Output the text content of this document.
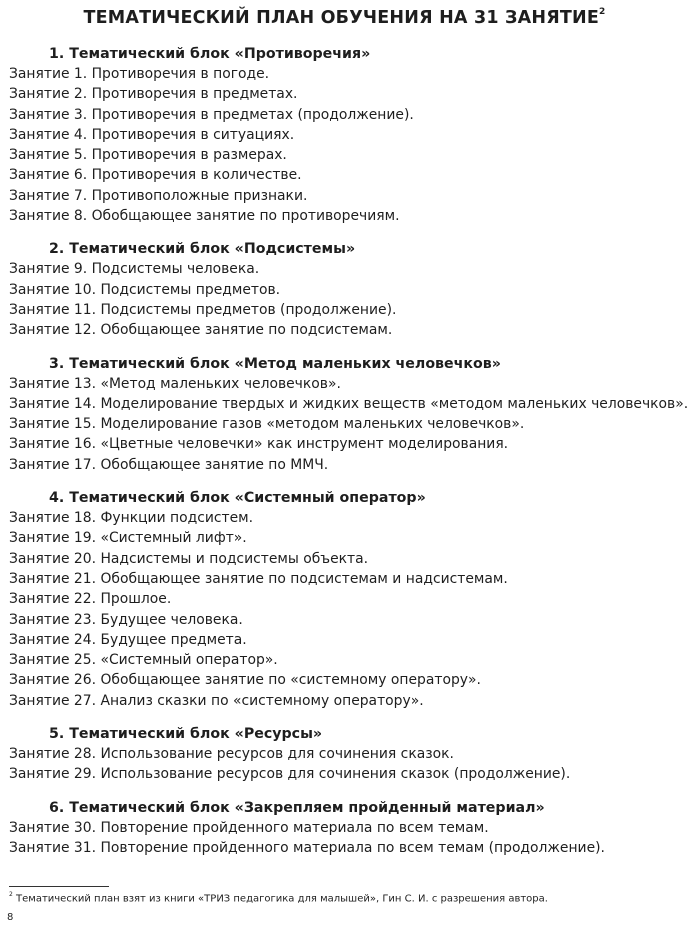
ТЕМАТИЧЕСКИЙ ПЛАН ОБУЧЕНИЯ НА 31 ЗАНЯТИЕ$^2$
1. Тематический блок «Противоречия»
Занятие 1. Противоречия в погоде.
Занятие 2. Противоречия в предметах.
Занятие 3. Противоречия в предметах (продолжение).
Занятие 4. Противоречия в ситуациях.
Занятие 5. Противоречия в размерах.
Занятие 6. Противоречия в количестве.
Занятие 7. Противоположные признаки.
Занятие 8. Обобщающее занятие по противоречиям.
2. Тематический блок «Подсистемы»
Занятие 9. Подсистемы человека.
Занятие 10. Подсистемы предметов.
Занятие 11. Подсистемы предметов (продолжение).
Занятие 12. Обобщающее занятие по подсистемам.
3. Тематический блок «Метод маленьких человечков»
Занятие 13. «Метод маленьких человечков».
Занятие 14. Моделирование твердых и жидких веществ «методом маленьких человечков».
Занятие 15. Моделирование газов «методом маленьких человечков».
Занятие 16. «Цветные человечки» как инструмент моделирования.
Занятие 17. Обобщающее занятие по ММЧ.
4. Тематический блок «Системный оператор»
Занятие 18. Функции подсистем.
Занятие 19. «Системный лифт».
Занятие 20. Надсистемы и подсистемы объекта.
Занятие 21. Обобщающее занятие по подсистемам и надсистемам.
Занятие 22. Прошлое.
Занятие 23. Будущее человека.
Занятие 24. Будущее предмета.
Занятие 25. «Системный оператор».
Занятие 26. Обобщающее занятие по «системному оператору».
Занятие 27. Анализ сказки по «системному оператору».
5. Тематический блок «Ресурсы»
Занятие 28. Использование ресурсов для сочинения сказок.
Занятие 29. Использование ресурсов для сочинения сказок (продолжение).
6. Тематический блок «Закрепляем пройденный материал»
Занятие 30. Повторение пройденного материала по всем темам.
Занятие 31. Повторение пройденного материала по всем темам (продолжение).
$^2$ Тематический план взят из книги «ТРИЗ педагогика для малышей», Гин С. И. с разрешения автора.
8
